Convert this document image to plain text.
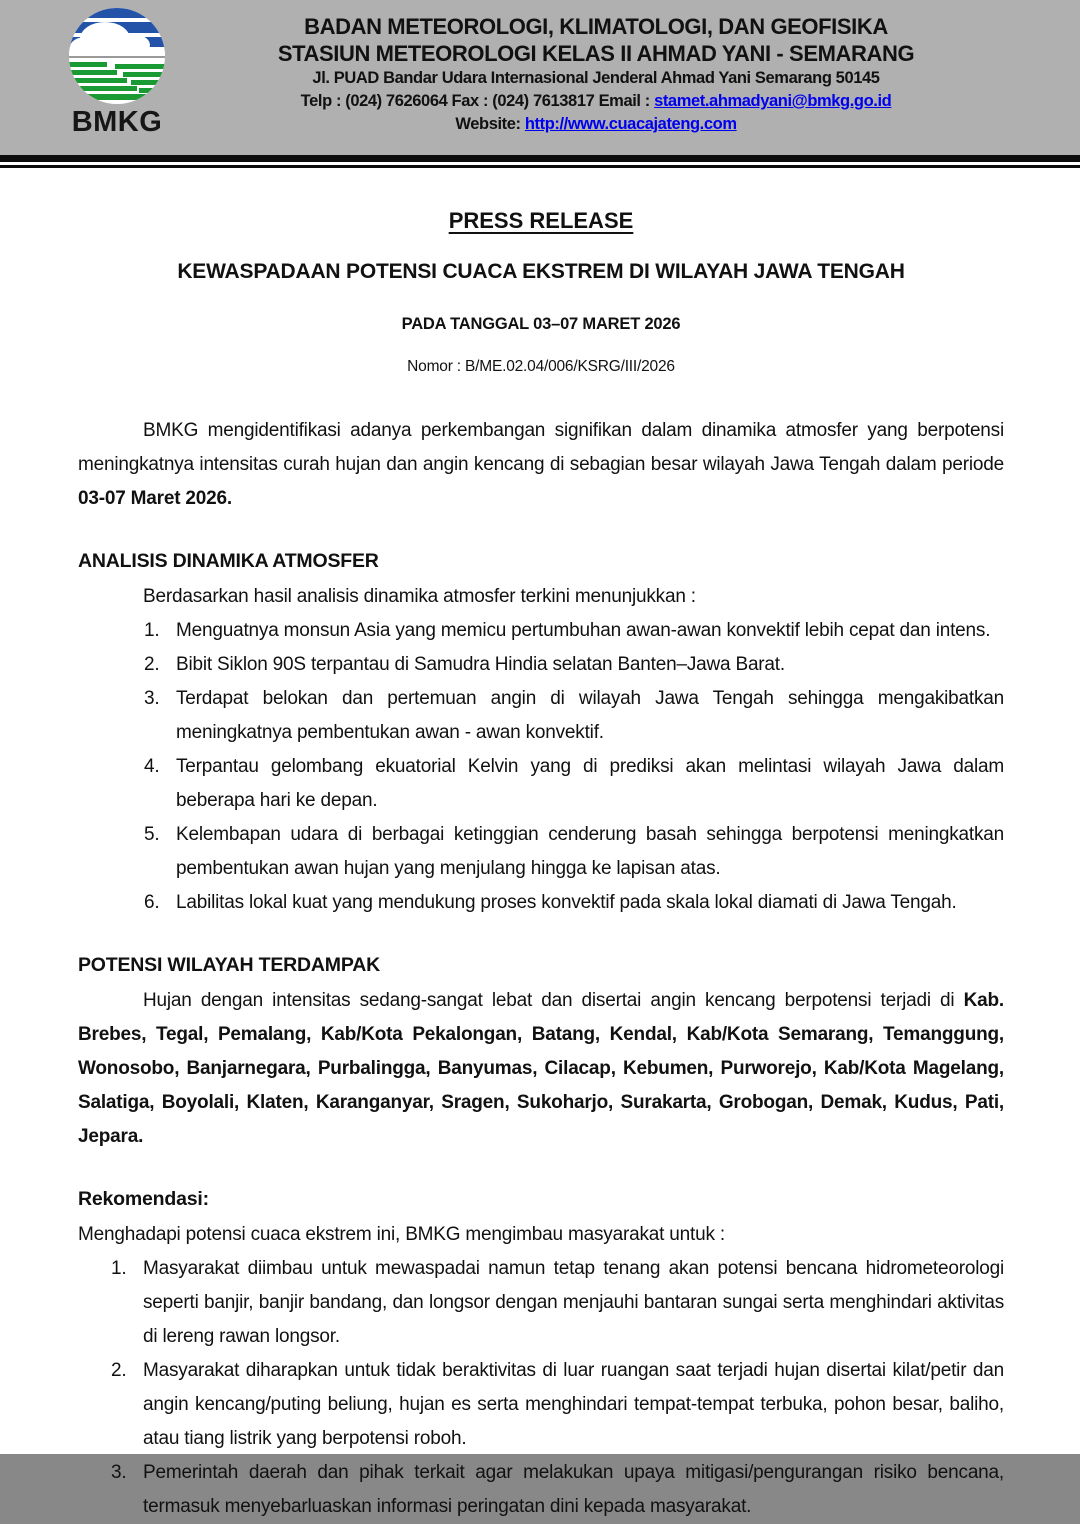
BMKG
BADAN METEOROLOGI, KLIMATOLOGI, DAN GEOFISIKA
STASIUN METEOROLOGI KELAS II AHMAD YANI - SEMARANG
Jl. PUAD Bandar Udara Internasional Jenderal Ahmad Yani Semarang 50145
Telp : (024) 7626064 Fax : (024) 7613817 Email : stamet.ahmadyani@bmkg.go.id
Website: http://www.cuacajateng.com
PRESS RELEASE
KEWASPADAAN POTENSI CUACA EKSTREM DI WILAYAH JAWA TENGAH
PADA TANGGAL 03–07 MARET 2026
Nomor : B/ME.02.04/006/KSRG/III/2026

BMKG mengidentifikasi adanya perkembangan signifikan dalam dinamika atmosfer yang berpotensi meningkatnya intensitas curah hujan dan angin kencang di sebagian besar wilayah Jawa Tengah dalam periode 03-07 Maret 2026.

ANALISIS DINAMIKA ATMOSFER
Berdasarkan hasil analisis dinamika atmosfer terkini menunjukkan :
1. Menguatnya monsun Asia yang memicu pertumbuhan awan-awan konvektif lebih cepat dan intens.
2. Bibit Siklon 90S terpantau di Samudra Hindia selatan Banten–Jawa Barat.
3. Terdapat belokan dan pertemuan angin di wilayah Jawa Tengah sehingga mengakibatkan meningkatnya pembentukan awan - awan konvektif.
4. Terpantau gelombang ekuatorial Kelvin yang di prediksi akan melintasi wilayah Jawa dalam beberapa hari ke depan.
5. Kelembapan udara di berbagai ketinggian cenderung basah sehingga berpotensi meningkatkan pembentukan awan hujan yang menjulang hingga ke lapisan atas.
6. Labilitas lokal kuat yang mendukung proses konvektif pada skala lokal diamati di Jawa Tengah.
POTENSI WILAYAH TERDAMPAK

Hujan dengan intensitas sedang-sangat lebat dan disertai angin kencang berpotensi terjadi di Kab. Brebes, Tegal, Pemalang, Kab/Kota Pekalongan, Batang, Kendal, Kab/Kota Semarang, Temanggung, Wonosobo, Banjarnegara, Purbalingga, Banyumas, Cilacap, Kebumen, Purworejo, Kab/Kota Magelang, Salatiga, Boyolali, Klaten, Karanganyar, Sragen, Sukoharjo, Surakarta, Grobogan, Demak, Kudus, Pati, Jepara.

Rekomendasi:
Menghadapi potensi cuaca ekstrem ini, BMKG mengimbau masyarakat untuk :
1. Masyarakat diimbau untuk mewaspadai namun tetap tenang akan potensi bencana hidrometeorologi seperti banjir, banjir bandang, dan longsor dengan menjauhi bantaran sungai serta menghindari aktivitas di lereng rawan longsor.
2. Masyarakat diharapkan untuk tidak beraktivitas di luar ruangan saat terjadi hujan disertai kilat/petir dan angin kencang/puting beliung, hujan es serta menghindari tempat-tempat terbuka, pohon besar, baliho, atau tiang listrik yang berpotensi roboh.
3. Pemerintah daerah dan pihak terkait agar melakukan upaya mitigasi/pengurangan risiko bencana, termasuk menyebarluaskan informasi peringatan dini kepada masyarakat.
